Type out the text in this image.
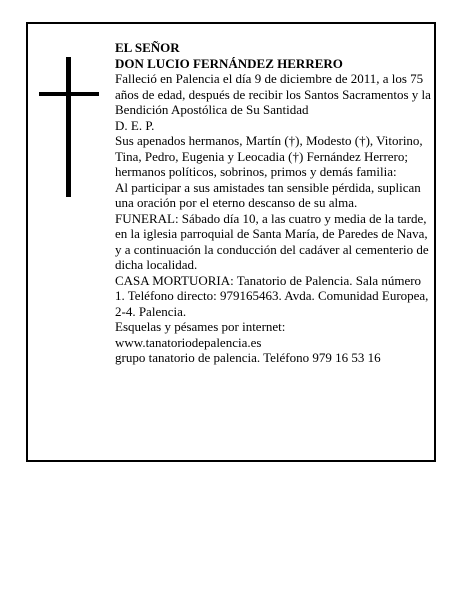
EL SEÑOR

DON LUCIO FERNÁNDEZ HERRERO

Falleció en Palencia el día 9 de diciembre de 2011, a los 75 años de edad, después de recibir los Santos Sacramentos y la Bendición Apostólica de Su Santidad

D. E. P.

Sus apenados hermanos, Martín (†), Modesto (†), Vitorino, Tina, Pedro, Eugenia y Leocadia (†) Fernández Herrero; hermanos políticos, sobrinos, primos y demás familia:

Al participar a sus amistades tan sensible pérdida, suplican una oración por el eterno descanso de su alma.

FUNERAL: Sábado día 10, a las cuatro y media de la tarde, en la iglesia parroquial de Santa María, de Paredes de Nava, y a continuación la conducción del cadáver al cementerio de dicha localidad.

CASA MORTUORIA: Tanatorio de Palencia. Sala número 1. Teléfono directo: 979165463. Avda. Comunidad Europea, 2-4. Palencia.

Esquelas y pésames por internet:

www.tanatoriodepalencia.es

grupo tanatorio de palencia. Teléfono 979 16 53 16
